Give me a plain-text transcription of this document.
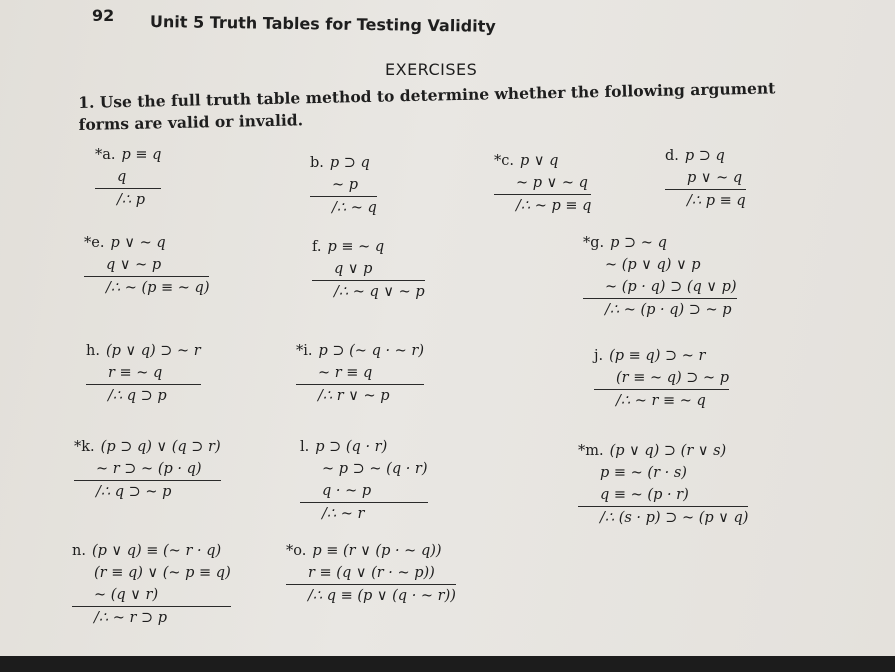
92 Unit 5 Truth Tables for Testing Validity
EXERCISES
1. Use the full truth table method to determine whether the following argument forms are valid or invalid.
*a. p ≡ q
q
/∴ p
b. p ⊃ q
~ p
/∴ ~ q
*c. p ∨ q
~ p ∨ ~ q
/∴ ~ p ≡ q
d. p ⊃ q
p ∨ ~ q
/∴ p ≡ q
*e. p ∨ ~ q
q ∨ ~ p
/∴ ~ (p ≡ ~ q)
f. p ≡ ~ q
q ∨ p
/∴ ~ q ∨ ~ p
*g. p ⊃ ~ q
~ (p ∨ q) ∨ p
~ (p · q) ⊃ (q ∨ p)
/∴ ~ (p · q) ⊃ ~ p
h. (p ∨ q) ⊃ ~ r
r ≡ ~ q
/∴ q ⊃ p
*i. p ⊃ (~ q · ~ r)
~ r ≡ q
/∴ r ∨ ~ p
j. (p ≡ q) ⊃ ~ r
(r ≡ ~ q) ⊃ ~ p
/∴ ~ r ≡ ~ q
*k. (p ⊃ q) ∨ (q ⊃ r)
~ r ⊃ ~ (p · q)
/∴ q ⊃ ~ p
l. p ⊃ (q · r)
~ p ⊃ ~ (q · r)
q · ~ p
/∴ ~ r
*m. (p ∨ q) ⊃ (r ∨ s)
p ≡ ~ (r · s)
q ≡ ~ (p · r)
/∴ (s · p) ⊃ ~ (p ∨ q)
n. (p ∨ q) ≡ (~ r · q)
(r ≡ q) ∨ (~ p ≡ q)
~ (q ∨ r)
/∴ ~ r ⊃ p
*o. p ≡ (r ∨ (p · ~ q))
r ≡ (q ∨ (r · ~ p))
/∴ q ≡ (p ∨ (q · ~ r))
